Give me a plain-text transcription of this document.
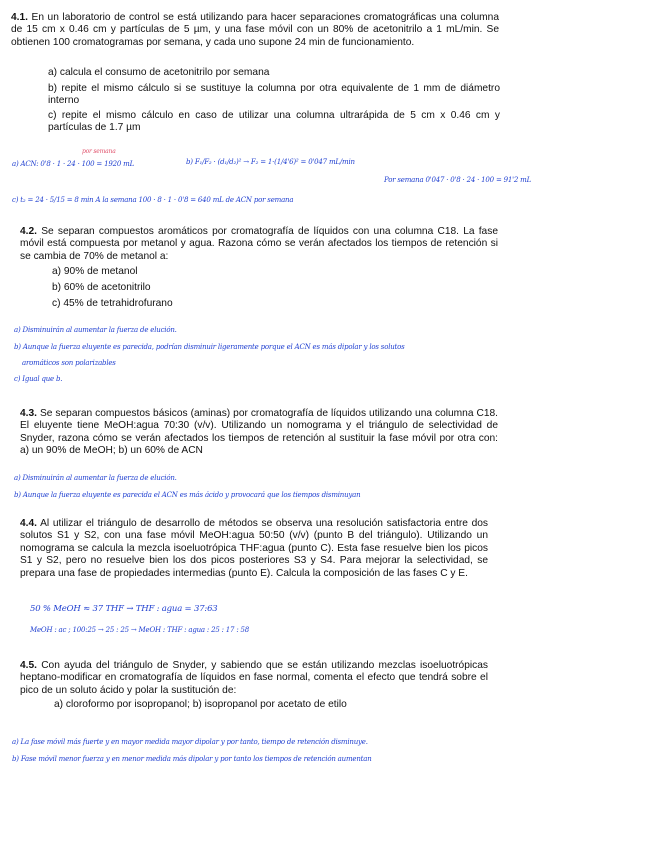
4.1. En un laboratorio de control se está utilizando para hacer separaciones cromatográficas una columna de 15 cm x 0.46 cm y partículas de 5 µm, y una fase móvil con un 80% de acetonitrilo a 1 mL/min. Se obtienen 100 cromatogramas por semana, y cada uno supone 24 min de funcionamiento.
a) calcula el consumo de acetonitrilo por semana
b) repite el mismo cálculo si se sustituye la columna por otra equivalente de 1 mm de diámetro interno
c) repite el mismo cálculo en caso de utilizar una columna ultrarápida de 5 cm x 0.46 cm y partículas de 1.7 µm
por semana
a) ACN: 0'8 · 1 · 24 · 100 = 1920 mL	b) F₁/F₂ · (d₁/d₂)² → F₂ = 1·(1/4'6)² = 0'047 mL/min
Por semana 0'047 · 0'8 · 24 · 100 = 91'2 mL
c) t₂ = 24 · 5/15 = 8 min A la semana 100 · 8 · 1 · 0'8 = 640 mL de ACN por semana
4.2. Se separan compuestos aromáticos por cromatografía de líquidos con una columna C18. La fase móvil está compuesta por metanol y agua. Razona cómo se verán afectados los tiempos de retención si se cambia de 70% de metanol a:
a) 90% de metanol
b) 60% de acetonitrilo
c) 45% de tetrahidrofurano
a) Disminuirán al aumentar la fuerza de elución.
b) Aunque la fuerza eluyente es parecida, podrían disminuir ligeramente porque el ACN es más dipolar y los solutos
aromáticos son polarizables
c) Igual que b.
4.3. Se separan compuestos básicos (aminas) por cromatografía de líquidos utilizando una columna C18. El eluyente tiene MeOH:agua 70:30 (v/v). Utilizando un nomograma y el triángulo de selectividad de Snyder, razona cómo se verán afectados los tiempos de retención al sustituir la fase móvil por otra con: a) un 90% de MeOH; b) un 60% de ACN
a) Disminuirán al aumentar la fuerza de elución.
b) Aunque la fuerza eluyente es parecida el ACN es más ácido y provocará que los tiempos disminuyan
4.4. Al utilizar el triángulo de desarrollo de métodos se observa una resolución satisfactoria entre dos solutos S1 y S2, con una fase móvil MeOH:agua 50:50 (v/v) (punto B del triángulo). Utilizando un nomograma se calcula la mezcla isoeluotrópica THF:agua (punto C). Esta fase resuelve bien los picos S1 y S2, pero no resuelve bien los dos picos posteriores S3 y S4. Para mejorar la selectividad, se prepara una fase de propiedades intermedias (punto E). Calcula la composición de las fases C y E.
50 % MeOH ≈ 37 THF → THF : agua = 37:63
MeOH : ac ; 100:25 → 25 : 25 → MeOH : THF : agua : 25 : 17 : 58
4.5. Con ayuda del triángulo de Snyder, y sabiendo que se están utilizando mezclas isoeluotrópicas heptano-modificar en cromatografía de líquidos en fase normal, comenta el efecto que tendrá sobre el pico de un soluto ácido y polar la sustitución de:
a) cloroformo por isopropanol; b) isopropanol por acetato de etilo
a) La fase móvil más fuerte y en mayor medida mayor dipolar y por tanto, tiempo de retención disminuye.
b) Fase móvil menor fuerza y en menor medida más dipolar y por tanto los tiempos de retención aumentan
